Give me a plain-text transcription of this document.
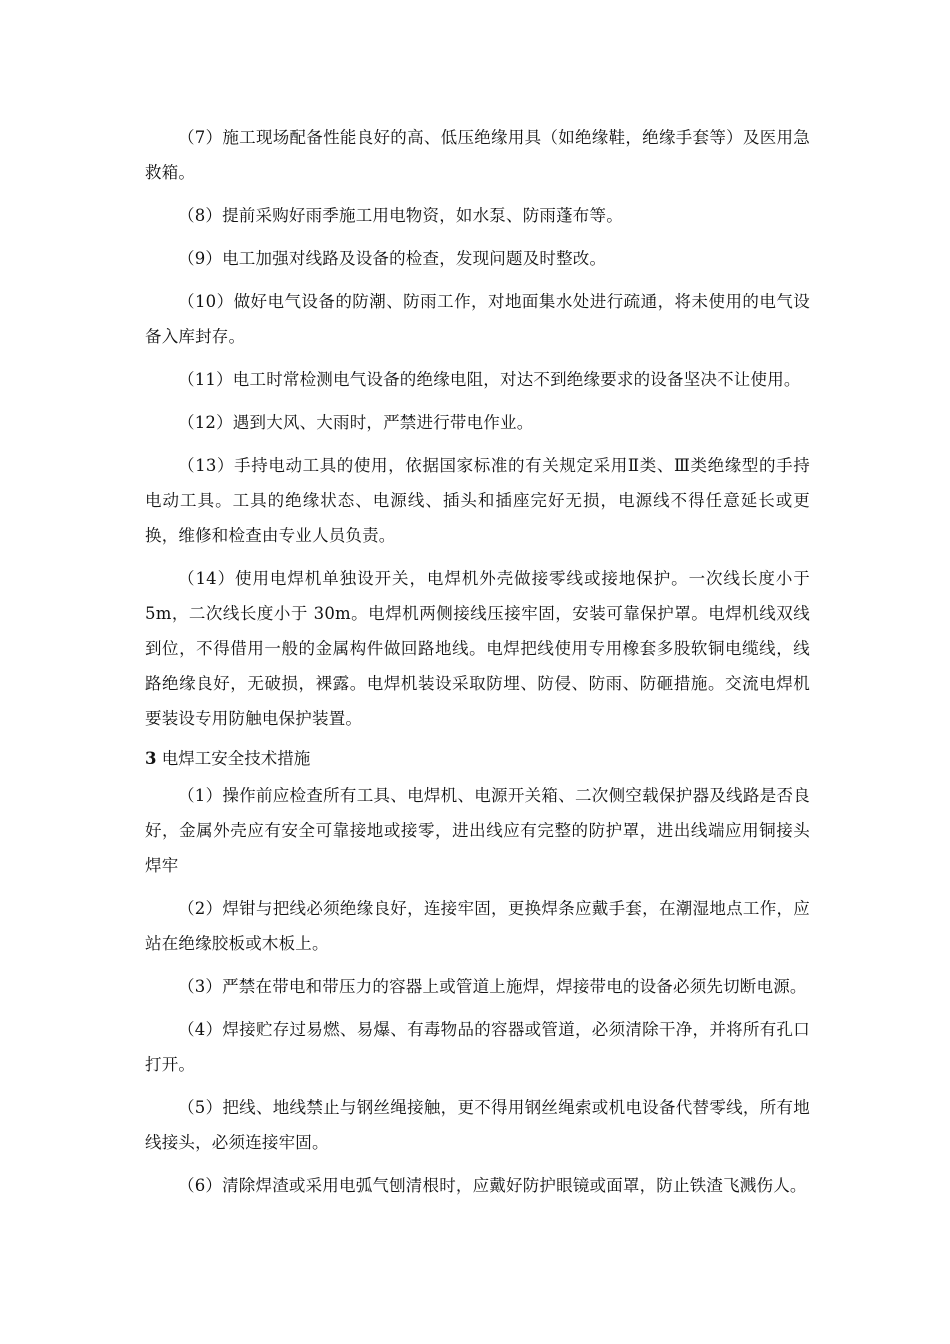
（7）施工现场配备性能良好的高、低压绝缘用具（如绝缘鞋，绝缘手套等）及医用急救箱。

（8）提前采购好雨季施工用电物资，如水泵、防雨蓬布等。

（9）电工加强对线路及设备的检查，发现问题及时整改。

（10）做好电气设备的防潮、防雨工作，对地面集水处进行疏通，将未使用的电气设备入库封存。

（11）电工时常检测电气设备的绝缘电阻，对达不到绝缘要求的设备坚决不让使用。

（12）遇到大风、大雨时，严禁进行带电作业。

（13）手持电动工具的使用，依据国家标准的有关规定采用Ⅱ类、Ⅲ类绝缘型的手持电动工具。工具的绝缘状态、电源线、插头和插座完好无损，电源线不得任意延长或更换，维修和检查由专业人员负责。

（14）使用电焊机单独设开关，电焊机外壳做接零线或接地保护。一次线长度小于 5m，二次线长度小于 30m。电焊机两侧接线压接牢固，安装可靠保护罩。电焊机线双线到位，不得借用一般的金属构件做回路地线。电焊把线使用专用橡套多股软铜电缆线，线路绝缘良好，无破损，裸露。电焊机装设采取防埋、防侵、防雨、防砸措施。交流电焊机要装设专用防触电保护装置。

3 电焊工安全技术措施

（1）操作前应检查所有工具、电焊机、电源开关箱、二次侧空载保护器及线路是否良好，金属外壳应有安全可靠接地或接零，进出线应有完整的防护罩，进出线端应用铜接头焊牢

（2）焊钳与把线必须绝缘良好，连接牢固，更换焊条应戴手套，在潮湿地点工作，应站在绝缘胶板或木板上。

（3）严禁在带电和带压力的容器上或管道上施焊，焊接带电的设备必须先切断电源。

（4）焊接贮存过易燃、易爆、有毒物品的容器或管道，必须清除干净，并将所有孔口打开。

（5）把线、地线禁止与钢丝绳接触，更不得用钢丝绳索或机电设备代替零线，所有地线接头，必须连接牢固。

（6）清除焊渣或采用电弧气刨清根时，应戴好防护眼镜或面罩，防止铁渣飞溅伤人。
